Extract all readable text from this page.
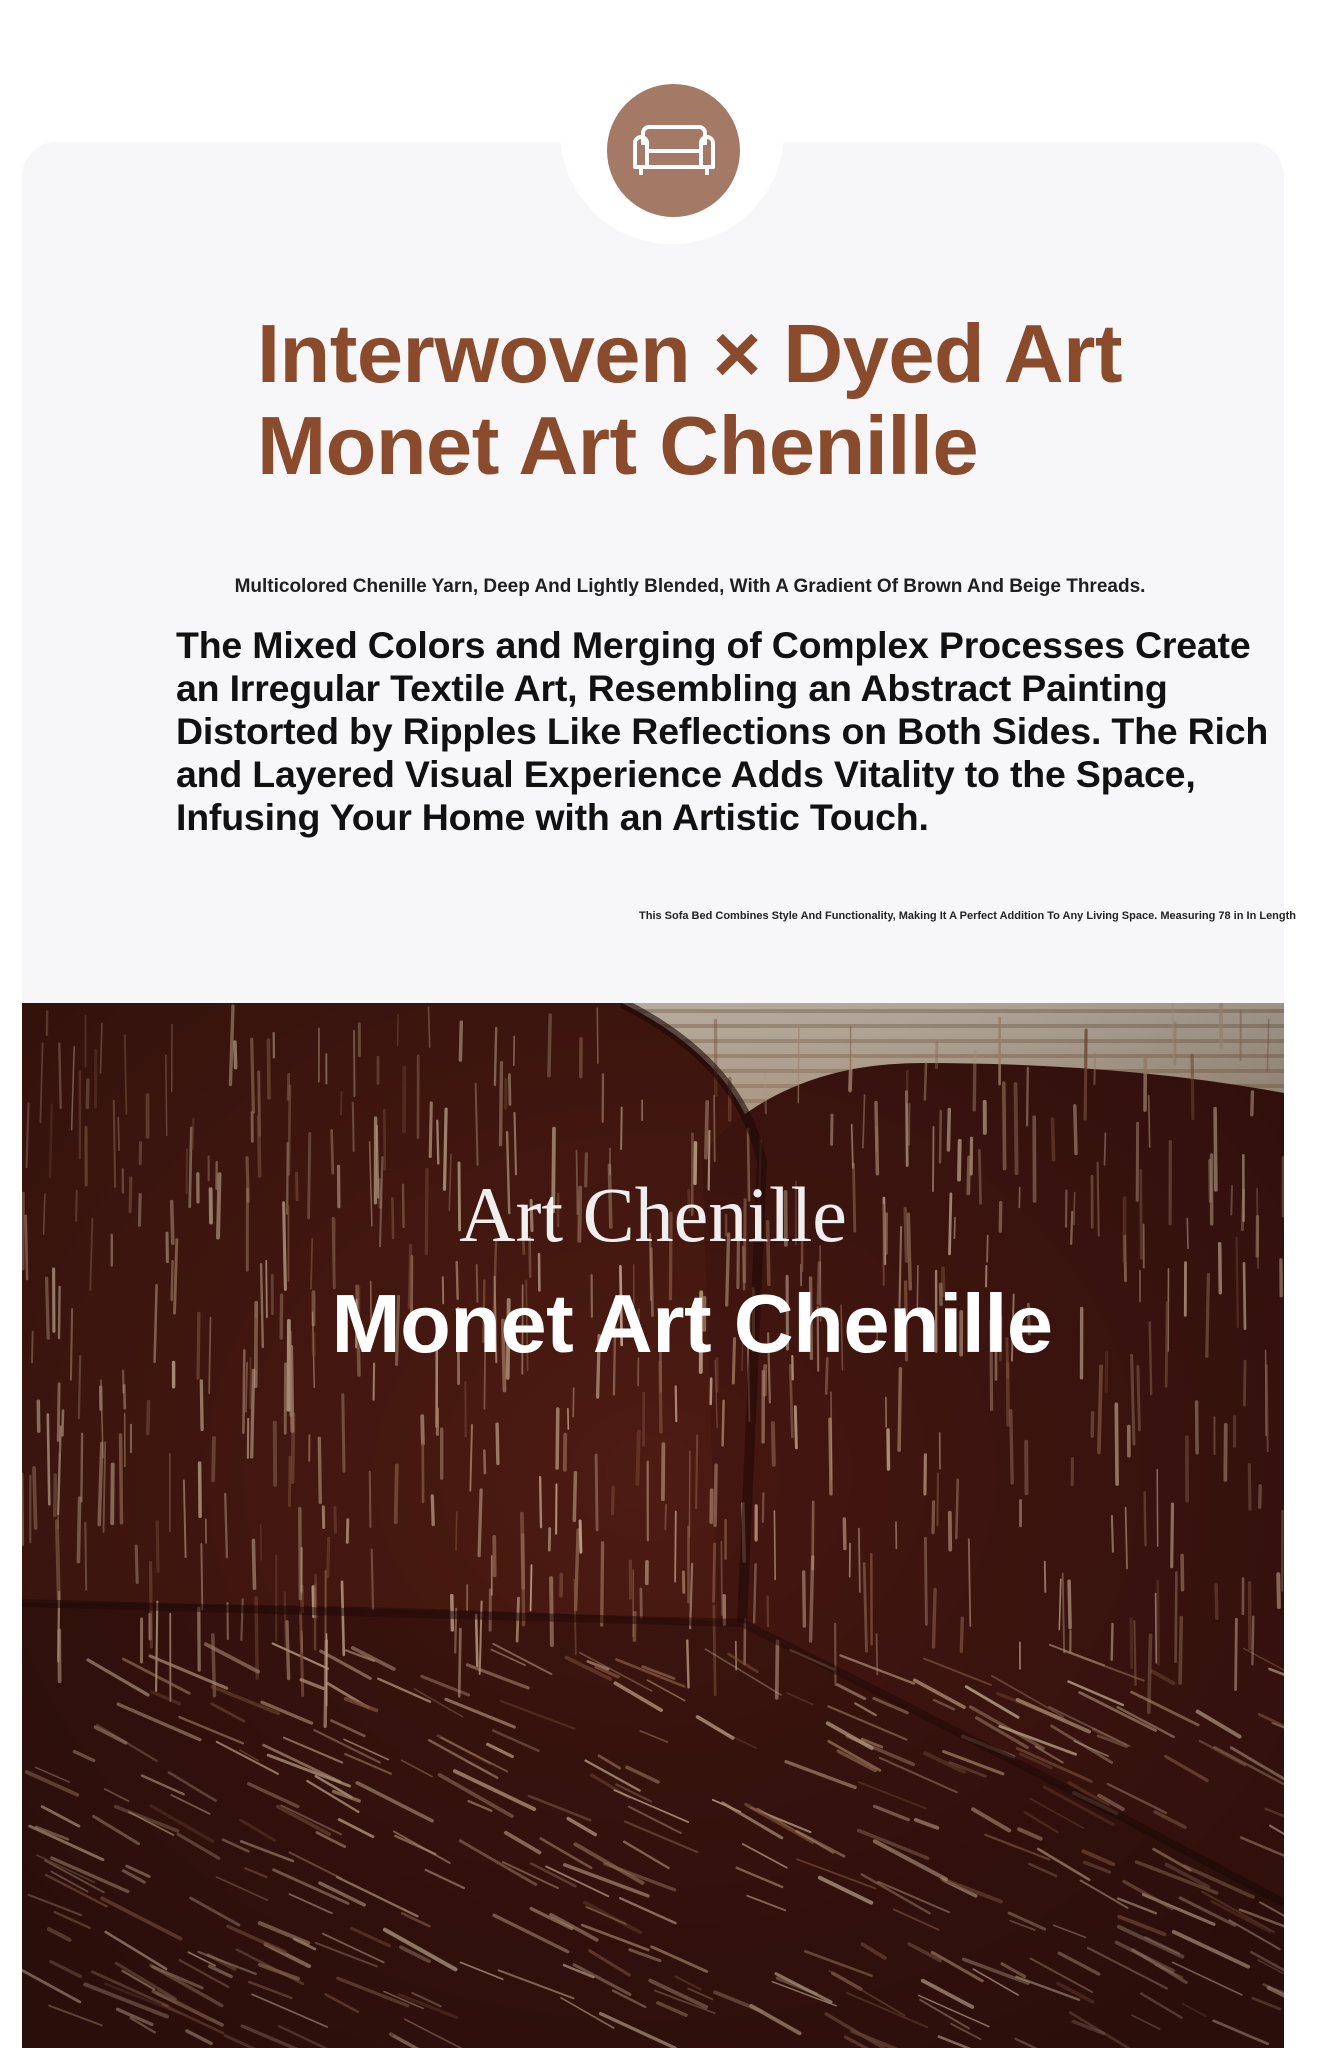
Interwoven × Dyed Art
Monet Art Chenille
Multicolored Chenille Yarn, Deep And Lightly Blended, With A Gradient Of Brown And Beige Threads.

The Mixed Colors and Merging of Complex Processes Create an Irregular Textile Art, Resembling an Abstract Painting Distorted by Ripples Like Reflections on Both Sides. The Rich and Layered Visual Experience Adds Vitality to the Space, Infusing Your Home with an Artistic Touch.

This Sofa Bed Combines Style And Functionality, Making It A Perfect Addition To Any Living Space. Measuring 78 in In Length
Art Chenille
Monet Art Chenille
